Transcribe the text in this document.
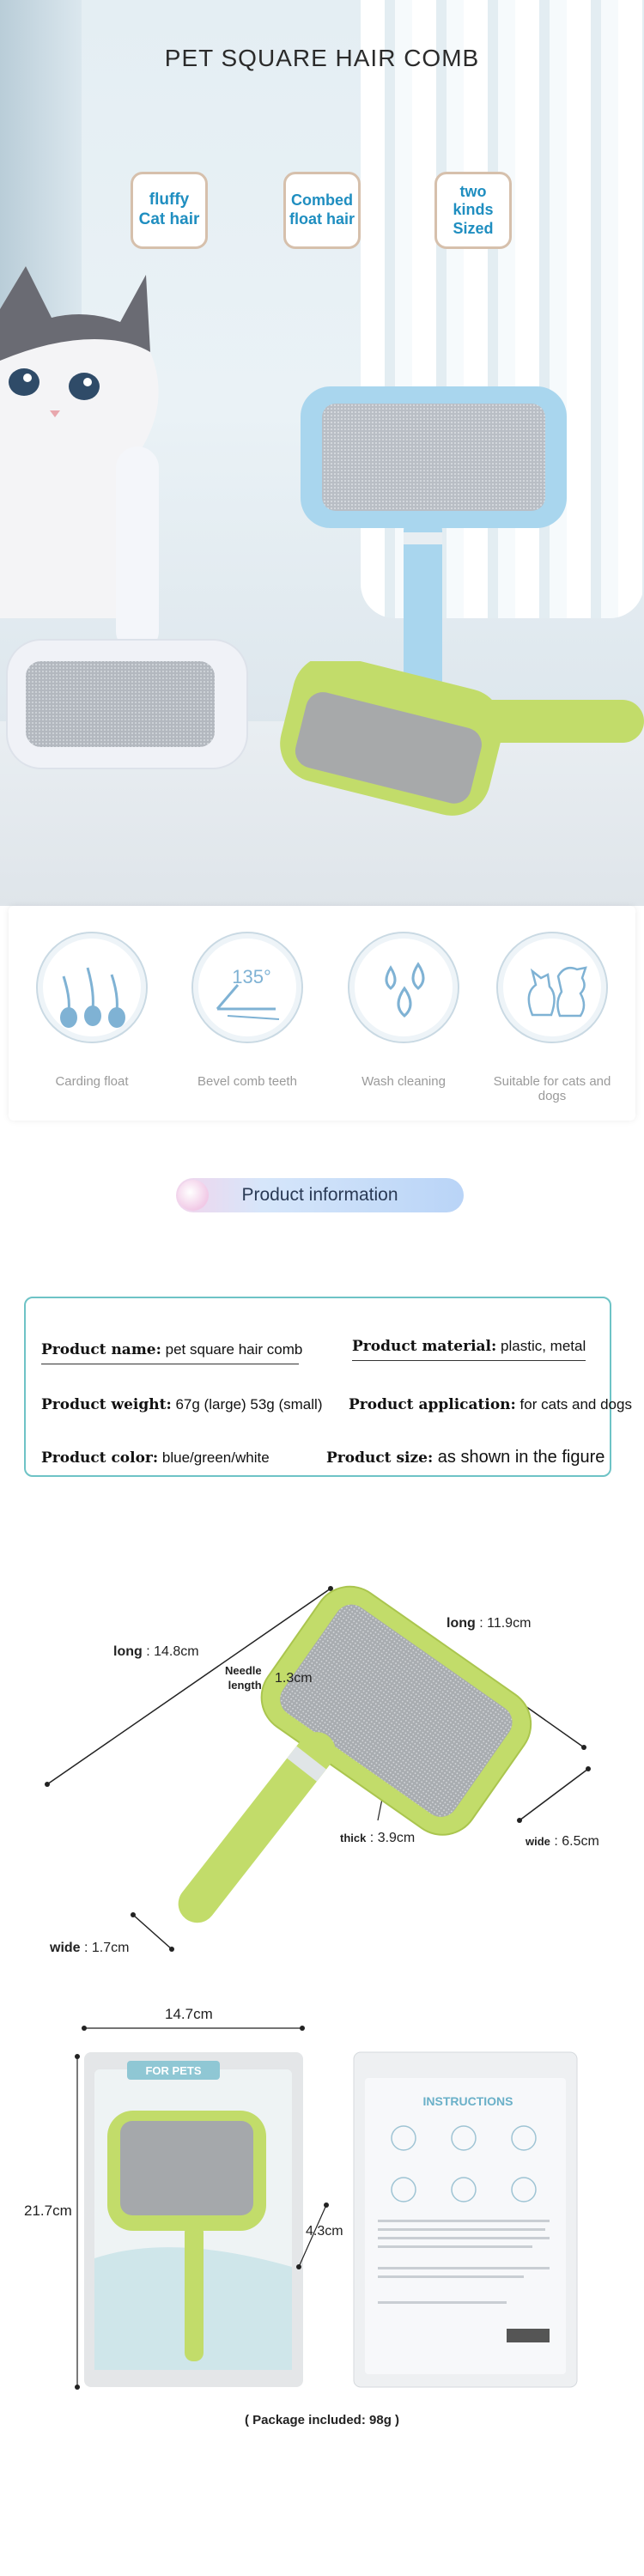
PET SQUARE HAIR COMB
fluffy
Cat hair
Combed
float hair
two kinds
Sized
Carding float
135°
Bevel comb teeth	Wash cleaning	Suitable for cats and dogs
Product information
Product name: pet square hair comb	Product material: plastic, metal
Product weight: 67g (large) 53g (small) Product application: for cats and dogs
Product color: blue/green/white	Product size: as shown in the figure
long : 14.8cm
long : 11.9cm
Needle
length 1.3cm
thick : 3.9cm	wide : 6.5cm
wide : 1.7cm
FOR PETS
INSTRUCTIONS
14.7cm
21.7cm
4.3cm
( Package included: 98g )
